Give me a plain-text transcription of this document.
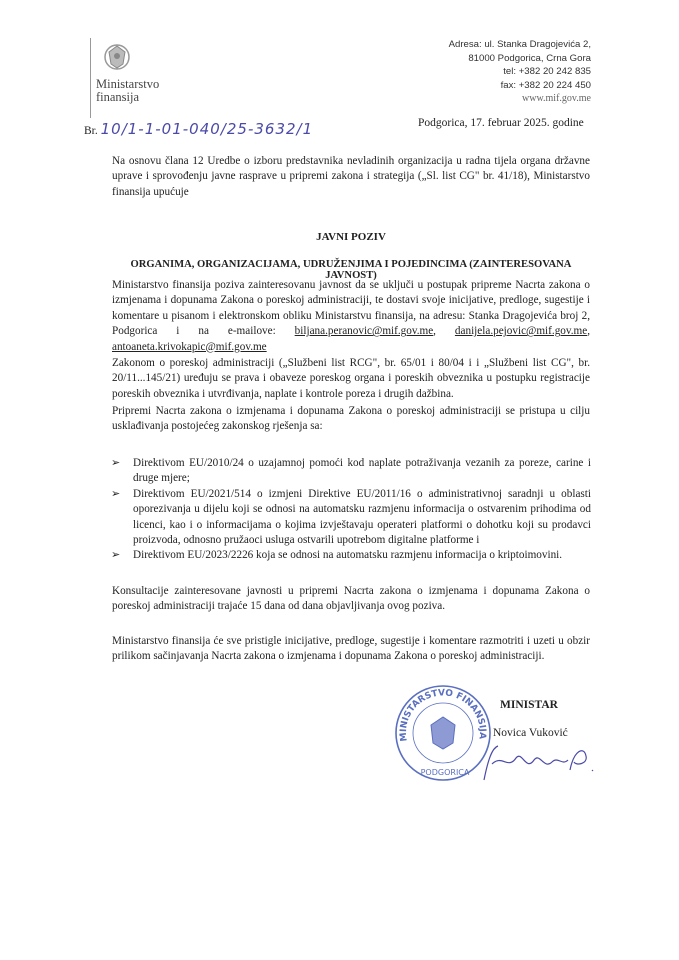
Ministarstvo
finansija
Adresa: ul. Stanka Dragojevića 2,
81000 Podgorica, Crna Gora
tel: +382 20 242 835
fax: +382 20 224 450
www.mif.gov.me
Br. 10/1-1-01-040/25-3632/1	Podgorica, 17. februar 2025. godine
Na osnovu člana 12 Uredbe o izboru predstavnika nevladinih organizacija u radna tijela organa državne uprave i sprovođenju javne rasprave u pripremi zakona i strategija („Sl. list CG" br. 41/18), Ministarstvo finansija upućuje
JAVNI POZIV
ORGANIMA, ORGANIZACIJAMA, UDRUŽENJIMA I POJEDINCIMA (ZAINTERESOVANA JAVNOST)
Ministarstvo finansija poziva zainteresovanu javnost da se uključi u postupak pripreme Nacrta zakona o izmjenama i dopunama Zakona o poreskoj administraciji, te dostavi svoje inicijative, predloge, sugestije i komentare u pisanom i elektronskom obliku Ministarstvu finansija, na adresu: Stanka Dragojevića broj 2, Podgorica i na e-mailove: biljana.peranovic@mif.gov.me, danijela.pejovic@mif.gov.me, antoaneta.krivokapic@mif.gov.me
Zakonom o poreskoj administraciji („Službeni list RCG", br. 65/01 i 80/04 i i „Službeni list CG", br. 20/11...145/21) uređuju se prava i obaveze poreskog organa i poreskih obveznika u postupku registracije poreskih obveznika i utvrđivanja, naplate i kontrole poreza i drugih dažbina.
Pripremi Nacrta zakona o izmjenama i dopunama Zakona o poreskoj administraciji se pristupa u cilju usklađivanja postojećeg zakonskog rješenja sa:
➢ Direktivom EU/2010/24 o uzajamnoj pomoći kod naplate potraživanja vezanih za poreze, carine i druge mjere;
➢ Direktivom EU/2021/514 o izmjeni Direktive EU/2011/16 o administrativnoj saradnji u oblasti oporezivanja u dijelu koji se odnosi na automatsku razmjenu informacija o ostvarenim prihodima od licenci, kao i o informacijama o kojima izvještavaju operateri platformi o dohotku koji su prodavci proizvoda, odnosno pružaoci usluga ostvarili upotrebom digitalne platforme i
➢ Direktivom EU/2023/2226 koja se odnosi na automatsku razmjenu informacija o kriptoimovini.
Konsultacije zainteresovane javnosti u pripremi Nacrta zakona o izmjenama i dopunama Zakona o poreskoj administraciji trajaće 15 dana od dana objavljivanja ovog poziva.
Ministarstvo finansija će sve pristigle inicijative, predloge, sugestije i komentare razmotriti i uzeti u obzir prilikom sačinjavanja Nacrta zakona o izmjenama i dopunama Zakona o poreskoj administraciji.
MINISTARSTVO FINANSIJA
PODGORICA
MINISTAR
Novica Vuković
